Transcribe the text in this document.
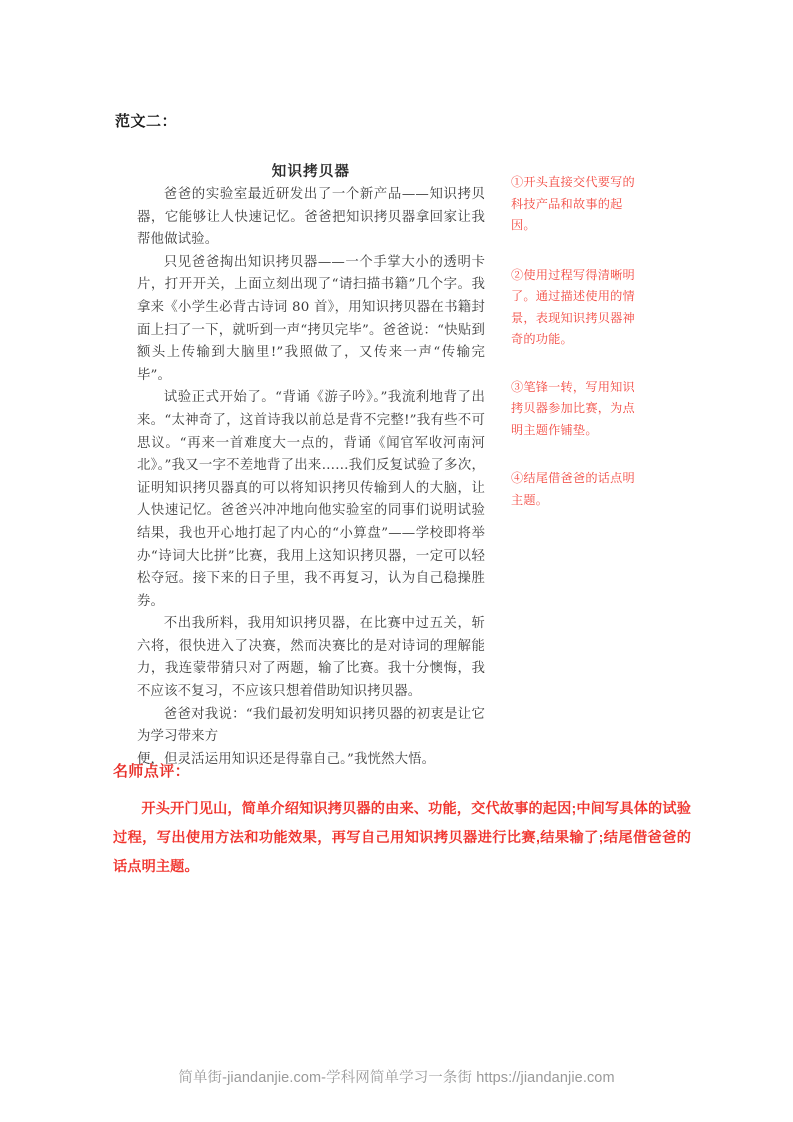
范文二：
知识拷贝器

爸爸的实验室最近研发出了一个新产品——知识拷贝器，它能够让人快速记忆。爸爸把知识拷贝器拿回家让我帮他做试验。

只见爸爸掏出知识拷贝器——一个手掌大小的透明卡片，打开开关，上面立刻出现了“请扫描书籍”几个字。我拿来《小学生必背古诗词 80 首》，用知识拷贝器在书籍封面上扫了一下，就听到一声“拷贝完毕”。爸爸说：“快贴到额头上传输到大脑里!”我照做了，又传来一声“传输完毕”。

试验正式开始了。“背诵《游子吟》。”我流利地背了出来。“太神奇了，这首诗我以前总是背不完整!”我有些不可思议。“再来一首难度大一点的，背诵《闻官军收河南河北》。”我又一字不差地背了出来……我们反复试验了多次，证明知识拷贝器真的可以将知识拷贝传输到人的大脑，让人快速记忆。爸爸兴冲冲地向他实验室的同事们说明试验结果，我也开心地打起了内心的“小算盘”——学校即将举办“诗词大比拼”比赛，我用上这知识拷贝器，一定可以轻松夺冠。接下来的日子里，我不再复习，认为自己稳操胜券。

不出我所料，我用知识拷贝器，在比赛中过五关，斩六将，很快进入了决赛，然而决赛比的是对诗词的理解能力，我连蒙带猜只对了两题，输了比赛。我十分懊悔，我不应该不复习，不应该只想着借助知识拷贝器。

爸爸对我说：“我们最初发明知识拷贝器的初衷是让它为学习带来方

便，但灵活运用知识还是得靠自己。”我恍然大悟。

①开头直接交代要写的科技产品和故事的起因。
②使用过程写得清晰明了。通过描述使用的情景，表现知识拷贝器神奇的功能。
③笔锋一转，写用知识拷贝器参加比赛，为点明主题作铺垫。
④结尾借爸爸的话点明主题。
名师点评：
开头开门见山，简单介绍知识拷贝器的由来、功能，交代故事的起因;中间写具体的试验过程，写出使用方法和功能效果，再写自己用知识拷贝器进行比赛,结果输了;结尾借爸爸的话点明主题。
简单街-jiandanjie.com-学科网简单学习一条街 https://jiandanjie.com
